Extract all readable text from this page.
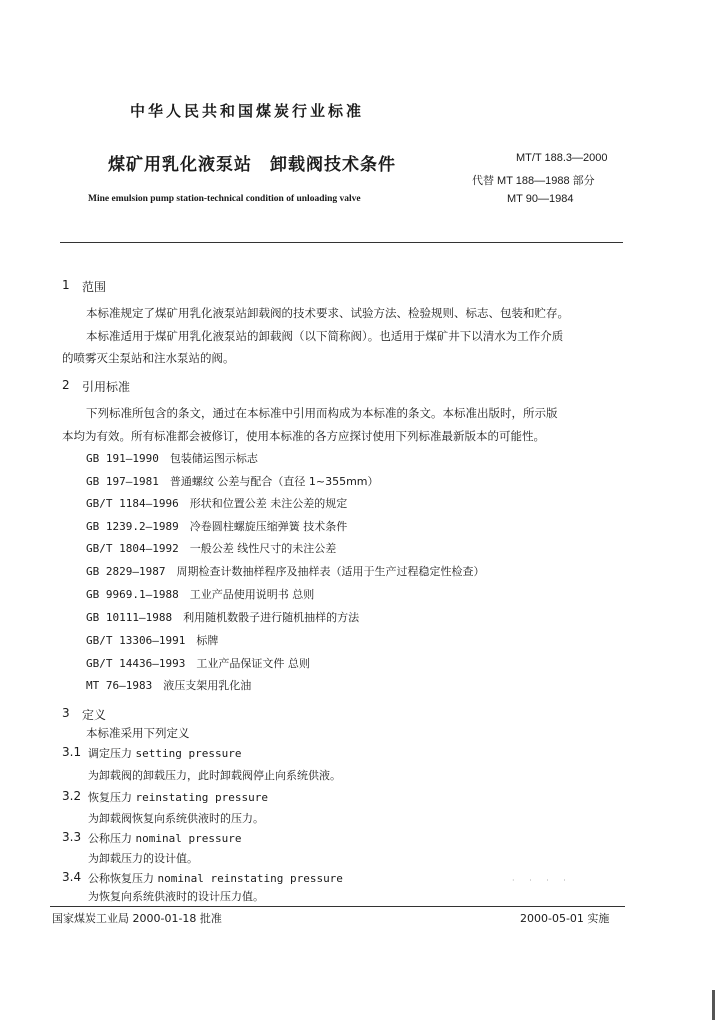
中华人民共和国煤炭行业标准
煤矿用乳化液泵站　卸载阀技术条件
Mine emulsion pump station-technical condition of unloading valve
MT/T 188.3—2000
代替 MT 188—1988 部分
MT 90—1984
1 范围
本标准规定了煤矿用乳化液泵站卸载阀的技术要求、试验方法、检验规则、标志、包装和贮存。
本标准适用于煤矿用乳化液泵站的卸载阀（以下简称阀）。也适用于煤矿井下以清水为工作介质
的喷雾灭尘泵站和注水泵站的阀。
2 引用标准
下列标准所包含的条文，通过在本标准中引用而构成为本标准的条文。本标准出版时，所示版
本均为有效。所有标准都会被修订，使用本标准的各方应探讨使用下列标准最新版本的可能性。
GB 191—1990　 包装储运图示标志
GB 197—1981　 普通螺纹 公差与配合（直径 1~355mm）
GB/T 1184—1996　 形状和位置公差 未注公差的规定
GB 1239.2—1989　 冷卷圆柱螺旋压缩弹簧 技术条件
GB/T 1804—1992　 一般公差 线性尺寸的未注公差
GB 2829—1987　 周期检查计数抽样程序及抽样表（适用于生产过程稳定性检查）
GB 9969.1—1988　 工业产品使用说明书 总则
GB 10111—1988　 利用随机数骰子进行随机抽样的方法
GB/T 13306—1991　 标牌
GB/T 14436—1993　 工业产品保证文件 总则
MT 76—1983　 液压支架用乳化油
3 定义
本标准采用下列定义
3.1 调定压力 setting pressure
为卸载阀的卸载压力，此时卸载阀停止向系统供液。
3.2 恢复压力 reinstating pressure
为卸载阀恢复向系统供液时的压力。
3.3 公称压力 nominal pressure
为卸载压力的设计值。
3.4 公称恢复压力 nominal reinstating pressure
为恢复向系统供液时的设计压力值。
· · · ·
国家煤炭工业局 2000-01-18 批准	2000-05-01 实施
